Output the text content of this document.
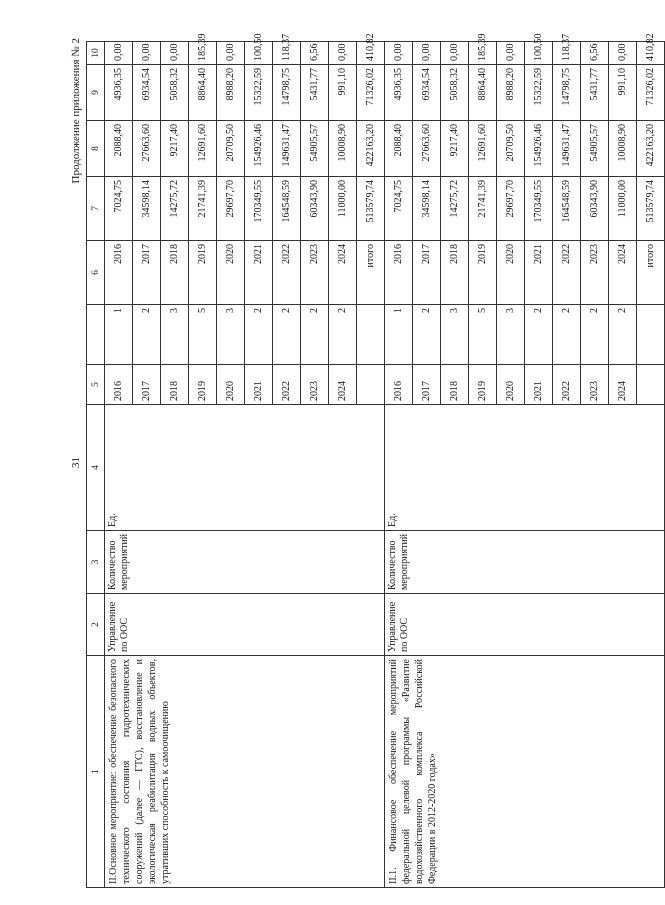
31
Продолжение приложения № 2
1	2	3	4	5		6	7	8	9	10	
II.Основное мероприятие: обеспечение безопасного технического состояния гидротехнических сооружений (далее — ГТС), восстановление и экологическая реабилитация водных объектов, утративших способность к самоочищению	Управление по ООС	Количество мероприятий	Ед.	2016	1	2016	7024,75	2088,40	4936,35	0,00	
				2017	2	2017	34598,14	27663,60	6934,54	0,00	
				2018	3	2018	14275,72	9217,40	5058,32	0,00	
				2019	5	2019	21741,39	12691,60	8864,40	185,39	
				2020	3	2020	29697,70	20709,50	8988,20	0,00	
				2021	2	2021	170349,55	154926,46	15322,59	100,50	
				2022	2	2022	164548,59	149631,47	14798,75	118,37	
				2023	2	2023	60343,90	54905,57	5431,77	6,56	
				2024	2	2024	11000,00	10008,90	991,10	0,00	
						итого	513579,74	422163,20	71326,02	410,82	
II.1. Финансовое обеспечение мероприятий федеральной целевой программы «Развитие водохозяйственного комплекса Российской Федерации в 2012-2020 годах»	Управление по ООС	Количество мероприятий	Ед.	2016	1	2016	7024,75	2088,40	4936,35	0,00	
				2017	2	2017	34598,14	27663,60	6934,54	0,00	
				2018	3	2018	14275,72	9217,40	5058,32	0,00	
				2019	5	2019	21741,39	12691,60	8864,40	185,39	
				2020	3	2020	29697,70	20709,50	8988,20	0,00	
				2021	2	2021	170349,55	154926,46	15322,59	100,50	
				2022	2	2022	164548,59	149631,47	14798,75	118,37	
				2023	2	2023	60343,90	54905,57	5431,77	6,56	
				2024	2	2024	11000,00	10008,90	991,10	0,00	
						итого	513579,74	422163,20	71326,02	410,82	
